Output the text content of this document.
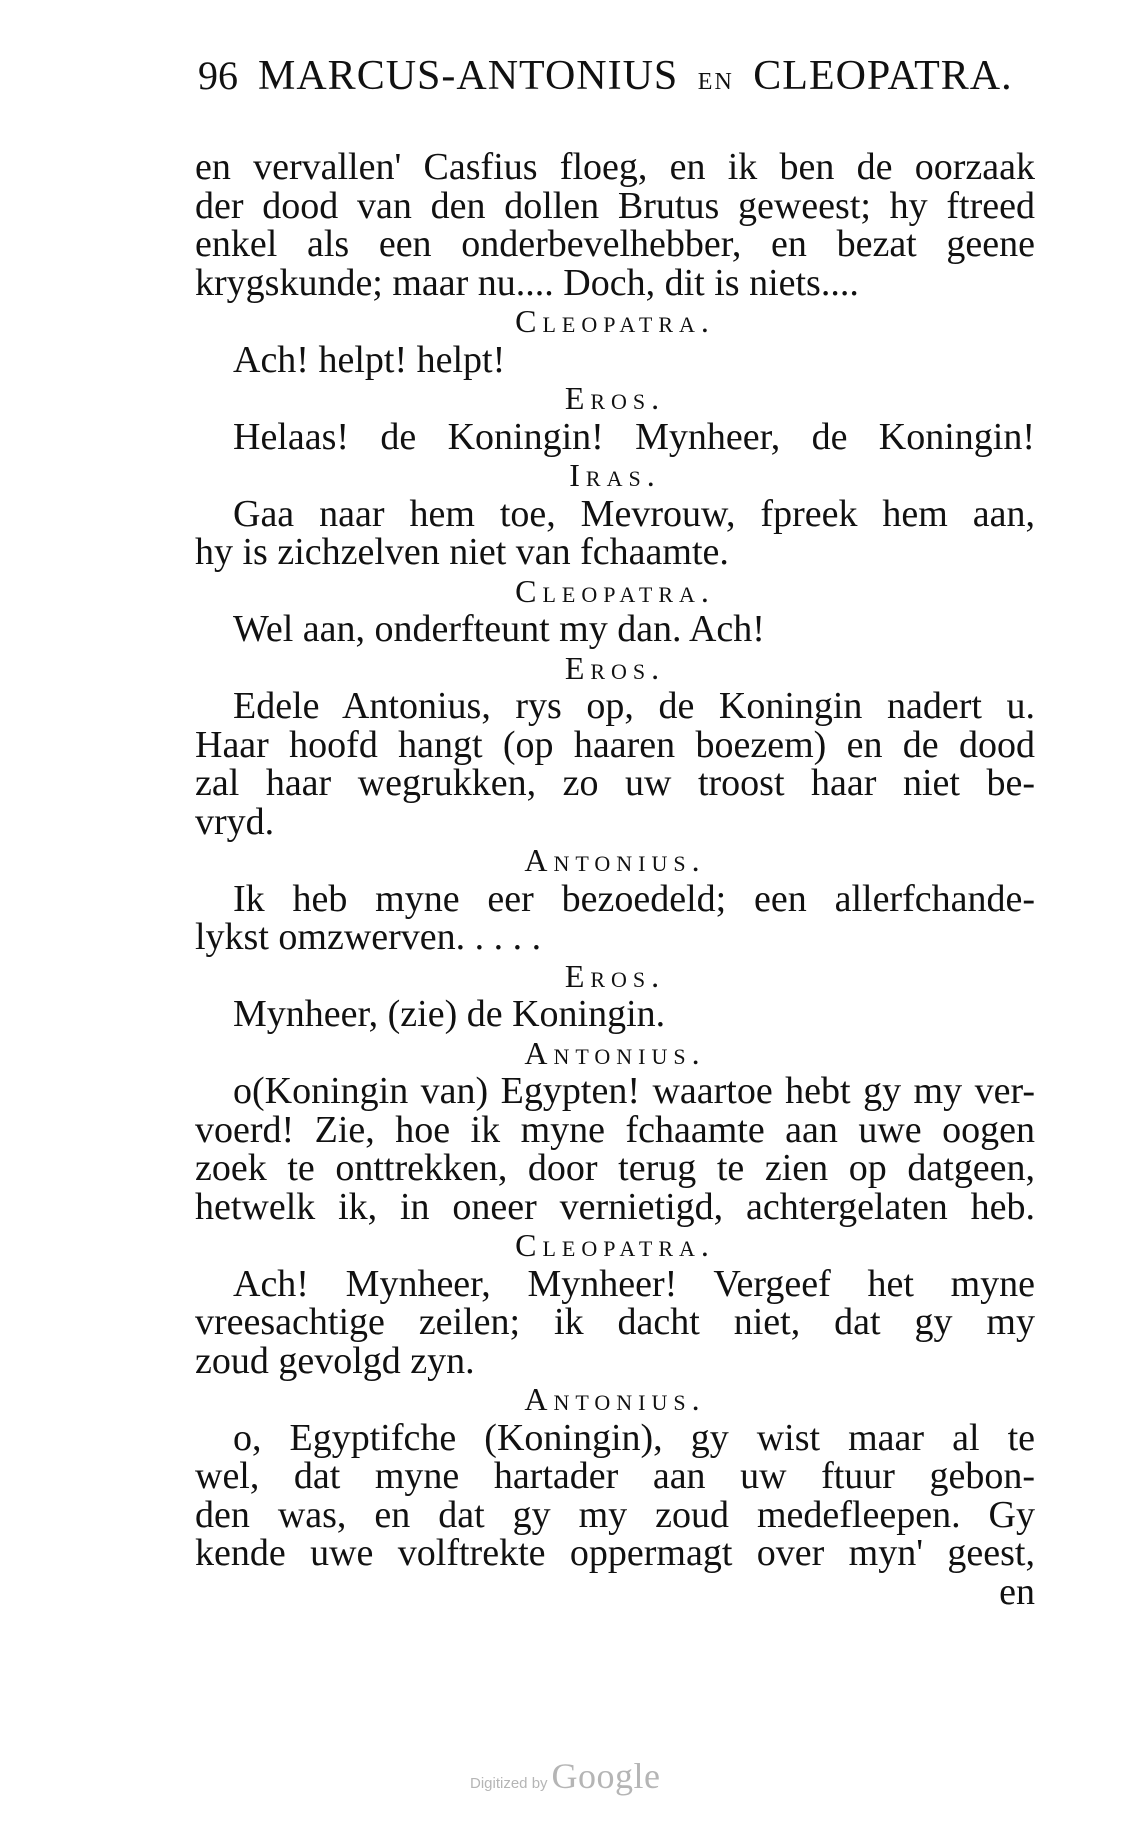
96 MARCUS-ANTONIUS EN CLEOPATRA.
en vervallen' Casfius floeg, en ik ben de oorzaak
der dood van den dollen Brutus geweest; hy ftreed
enkel als een onderbevelhebber, en bezat geene
krygskunde; maar nu.... Doch, dit is niets....
Cleopatra.
Ach! helpt! helpt!
Eros.
Helaas! de Koningin! Mynheer, de Koningin!
Iras.
Gaa naar hem toe, Mevrouw, fpreek hem aan,
hy is zichzelven niet van fchaamte.
Cleopatra.
Wel aan, onderfteunt my dan. Ach!
Eros.
Edele Antonius, rys op, de Koningin nadert u.
Haar hoofd hangt (op haaren boezem) en de dood
zal haar wegrukken, zo uw troost haar niet be-
vryd.
Antonius.
Ik heb myne eer bezoedeld; een allerfchande-
lykst omzwerven. . . . .
Eros.
Mynheer, (zie) de Koningin.
Antonius.
o(Koningin van) Egypten! waartoe hebt gy my ver-
voerd! Zie, hoe ik myne fchaamte aan uwe oogen
zoek te onttrekken, door terug te zien op datgeen,
hetwelk ik, in oneer vernietigd, achtergelaten heb.
Cleopatra.
Ach! Mynheer, Mynheer! Vergeef het myne
vreesachtige zeilen; ik dacht niet, dat gy my
zoud gevolgd zyn.
Antonius.
o, Egyptifche (Koningin), gy wist maar al te
wel, dat myne hartader aan uw ftuur gebon-
den was, en dat gy my zoud medefleepen. Gy
kende uwe volftrekte oppermagt over myn' geest,
en
Digitized by Google
